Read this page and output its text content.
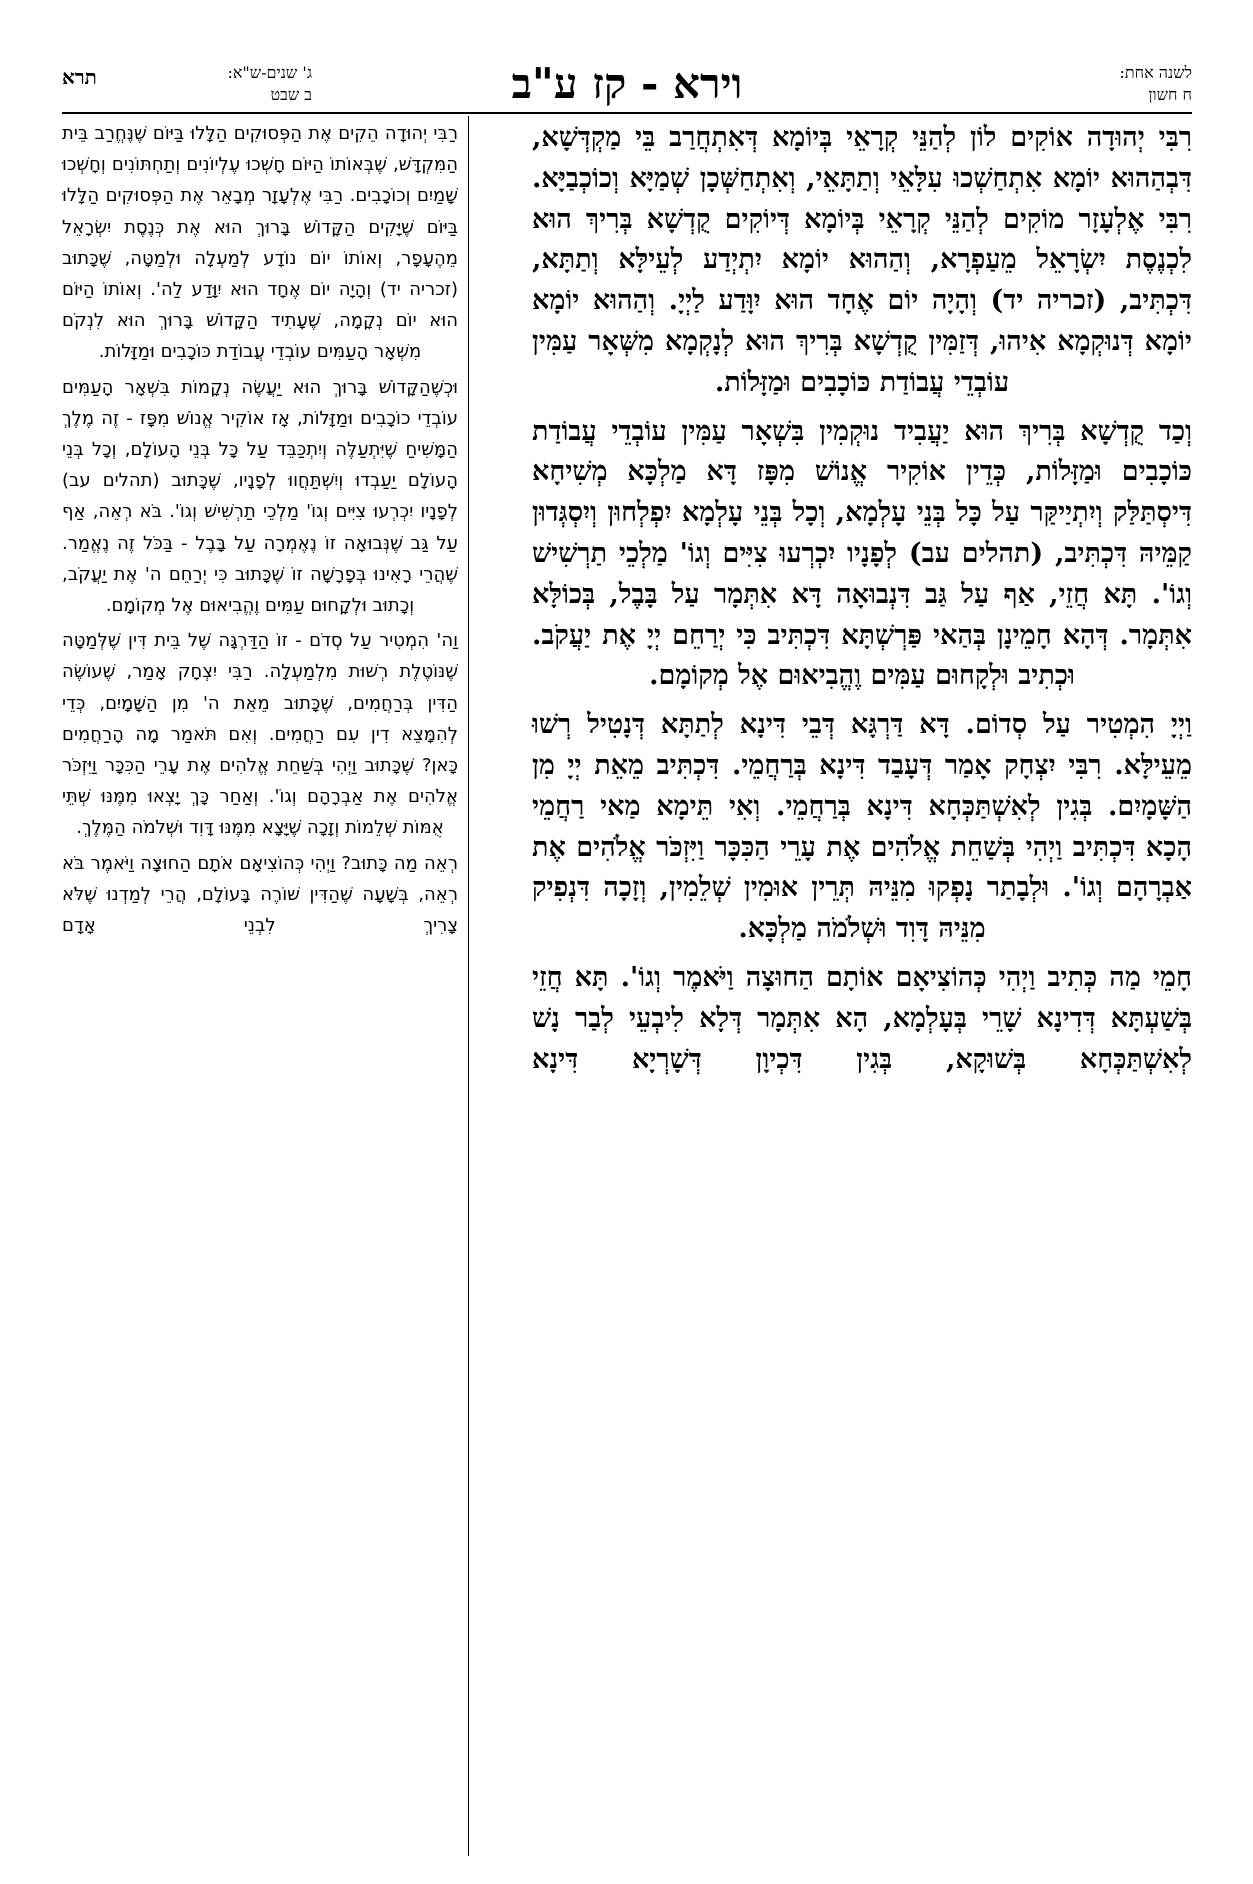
לשנה אחת:
ח חשון
וירא - קז ע"ב
ג' שנים-ש"א:
ב שבט
תרא

רִבִּי יְהוּדָה אוֹקִים לוֹן לְהַנֵּי קְרָאֵי בְּיוֹמָא דְּאִתְחֲרַב בֵּי מַקְדְּשָׁא, דִּבְהַהוּא יוֹמָא אִתְחַשְׁכוּ עִלָּאֵי וְתַתָּאֵי, וְאִתְחַשְּׁכָן שְׁמַיָּא וְכוֹכְבַיָּא. רִבִּי אֶלְעָזָר מוֹקִים לְהַנֵּי קְרָאֵי בְּיוֹמָא דְּיוֹקִים קֻדְשָׁא בְּרִיךְ הוּא לִכְנֶסֶת יִשְׂרָאֵל מֵעַפְרָא, וְהַהוּא יוֹמָא יִתְיְדַע לְעֵילָּא וְתַתָּא, דִּכְתִּיב, (זכריה יד) וְהָיָה יוֹם אֶחָד הוּא יִוָּדַע לַיְיָ. וְהַהוּא יוֹמָא יוֹמָא דְּנוּקְמָא אִיהוּ, דְּזַמִּין קֻדְשָׁא בְּרִיךְ הוּא לְנָקְמָא מִשְּׁאָר עַמִּין עוֹבְדֵי עֲבוֹדַת כּוֹכָבִים וּמַזָּלוֹת.

וְכַד קֻדְשָׁא בְּרִיךְ הוּא יַעֲבִיד נוּקְמִין בִּשְׁאָר עַמִּין עוֹבְדֵי עֲבוֹדַת כּוֹכָבִים וּמַזָּלוֹת, כְּדֵין אוֹקִיר אֱנוֹשׁ מִפָּז דָּא מַלְכָּא מְשִׁיחָא דִּיסְתַּלַּק וְיִתְיַיקַּר עַל כָּל בְּנֵי עָלְמָא, וְכָל בְּנֵי עָלְמָא יִפְלְחוּן וְיִסְגְּדוּן קַמֵּיהּ דִּכְתִּיב, (תהלים עב) לְפָנָיו יִכְרְעוּ צִיִּים וְגוֹ' מַלְכֵי תַרְשִׁישׁ וְגוֹ'. תָּא חֲזֵי, אַף עַל גַּב דִּנְבוּאָה דָּא אִתְּמָר עַל בָּבֶל, בְּכוֹלָּא אִתְּמָר. דְּהָא חָמֵינָן בְּהַאי פַּרְשְׁתָּא דִּכְתִּיב כִּי יְרַחֵם יְיָ אֶת יַעֲקֹב. וּכְתִיב וּלְקָחוּם עַמִּים וֶהֱבִיאוּם אֶל מְקוֹמָם.

וַיְיָ הִמְטִיר עַל סְדוֹם. דָּא דַּרְגָּא דְּבֵי דִּינָא לְתַתָּא דְּנָטִיל רְשׁוּ מֵעֵילָּא. רִבִּי יִצְחָק אָמַר דְּעָבַד דִּינָא בְּרַחֲמֵי. דִּכְתִּיב מֵאֵת יְיָ מִן הַשָּׁמָיִם. בְּגִין לְאִשְׁתַּכְּחָא דִּינָא בְּרַחֲמֵי. וְאִי תֵּימָא מַאי רַחֲמֵי הָכָא דִּכְתִּיב וַיְהִי בְּשַׁחֵת אֱלֹהִים אֶת עָרֵי הַכִּכָּר וַיִּזְכֹּר אֱלֹהִים אֶת אַבְרָהָם וְגוֹ'. וּלְבָתַר נָפְקוּ מִנֵּיהּ תְּרֵין אוּמִין שְׁלֵמִין, וְזָכָה דִּנְפִיק מִנֵּיהּ דָּוִד וּשְׁלֹמֹה מַלְכָּא.

חָמֵי מַה כְּתִיב וַיְהִי כְּהוֹצִיאָם אוֹתָם הַחוּצָה וַיֹּאמֶר וְגוֹ'. תָּא חֲזֵי בְּשַׁעְתָּא דְּדִינָא שָׁרֵי בְּעָלְמָא, הָא אִתְּמָר דְּלָא לִיבְעֵי לְבַר נָשׁ לְאִשְׁתַּכְּחָא בְּשׁוּקָא, בְּגִין דִּכְיוָן דְּשָׁרְיָא דִּינָא

רַבִּי יְהוּדָה הֵקִים אֶת הַפְּסוּקִים הַלָּלוּ בַּיּוֹם שֶׁנֶּחֱרַב בֵּית הַמִּקְדָּשׁ, שֶׁבְּאוֹתוֹ הַיּוֹם חָשְׁכוּ עֶלְיוֹנִים וְתַחְתּוֹנִים וְחָשְׁכוּ שָׁמַיִם וְכוֹכָבִים. רַבִּי אֶלְעָזָר מְבָאֵר אֶת הַפְּסוּקִים הַלָּלוּ בַּיּוֹם שֶׁיָּקִים הַקָּדוֹשׁ בָּרוּךְ הוּא אֶת כְּנֶסֶת יִשְׂרָאֵל מֵהֶעָפָר, וְאוֹתוֹ יוֹם נוֹדָע לְמַעְלָה וּלְמַטָּה, שֶׁכָּתוּב (זכריה יד) וְהָיָה יוֹם אֶחָד הוּא יִוָּדַע לַה'. וְאוֹתוֹ הַיּוֹם הוּא יוֹם נְקָמָה, שֶׁעָתִיד הַקָּדוֹשׁ בָּרוּךְ הוּא לִנְקֹם מִשְּׁאָר הָעַמִּים עוֹבְדֵי עֲבוֹדַת כּוֹכָבִים וּמַזָּלוֹת.

וּכְשֶׁהַקָּדוֹשׁ בָּרוּךְ הוּא יַעֲשֶׂה נְקָמוֹת בִּשְׁאָר הָעַמִּים עוֹבְדֵי כוֹכָבִים וּמַזָּלוֹת, אָז אוֹקִיר אֱנוֹשׁ מִפָּז - זֶה מֶלֶךְ הַמָּשִׁיחַ שֶׁיִּתְעַלֶּה וְיִתְכַּבֵּד עַל כָּל בְּנֵי הָעוֹלָם, וְכָל בְּנֵי הָעוֹלָם יַעַבְדוּ וְיִשְׁתַּחֲווּ לְפָנָיו, שֶׁכָּתוּב (תהלים עב) לְפָנָיו יִכְרְעוּ צִיִּים וְגוֹ' מַלְכֵי תַרְשִׁישׁ וְגוֹ'. בֹּא רְאֵה, אַף עַל גַּב שֶׁנְּבוּאָה זוֹ נֶאֶמְרָה עַל בָּבֶל - בַּכֹּל זֶה נֶאֱמַר. שֶׁהֲרֵי רָאִינוּ בְּפָרָשָׁה זוֹ שֶׁכָּתוּב כִּי יְרַחֵם ה' אֶת יַעֲקֹב, וְכָתוּב וּלְקָחוּם עַמִּים וֶהֱבִיאוּם אֶל מְקוֹמָם.

וַה' הִמְטִיר עַל סְדֹם - זוֹ הַדַּרְגָּה שֶׁל בֵּית דִּין שֶׁלְּמַטָּה שֶׁנּוֹטֶלֶת רְשׁוּת מִלְמַעְלָה. רַבִּי יִצְחָק אָמַר, שֶׁעוֹשֶׂה הַדִּין בְּרַחֲמִים, שֶׁכָּתוּב מֵאֵת ה' מִן הַשָּׁמָיִם, כְּדֵי לְהִמָּצֵא דִין עִם רַחֲמִים. וְאִם תֹּאמַר מָה הָרַחֲמִים כָּאן? שֶׁכָּתוּב וַיְהִי בְּשַׁחֵת אֱלֹהִים אֶת עָרֵי הַכִּכָּר וַיִּזְכֹּר אֱלֹהִים אֶת אַבְרָהָם וְגוֹ'. וְאַחַר כָּךְ יָצְאוּ מִמֶּנּוּ שְׁתֵּי אֻמּוֹת שְׁלֵמוֹת וְזָכָה שֶׁיָּצָא מִמֶּנּוּ דָּוִד וּשְׁלֹמֹה הַמֶּלֶךְ.

רְאֵה מַה כָּתוּב? וַיְהִי כְּהוֹצִיאָם אֹתָם הַחוּצָה וַיֹּאמֶר בֹּא רְאֵה, בְּשָׁעָה שֶׁהַדִּין שׁוֹרֶה בָּעוֹלָם, הֲרֵי לְמַדְנוּ שֶׁלֹּא צָרִיךְ לִבְנֵי אָדָם
